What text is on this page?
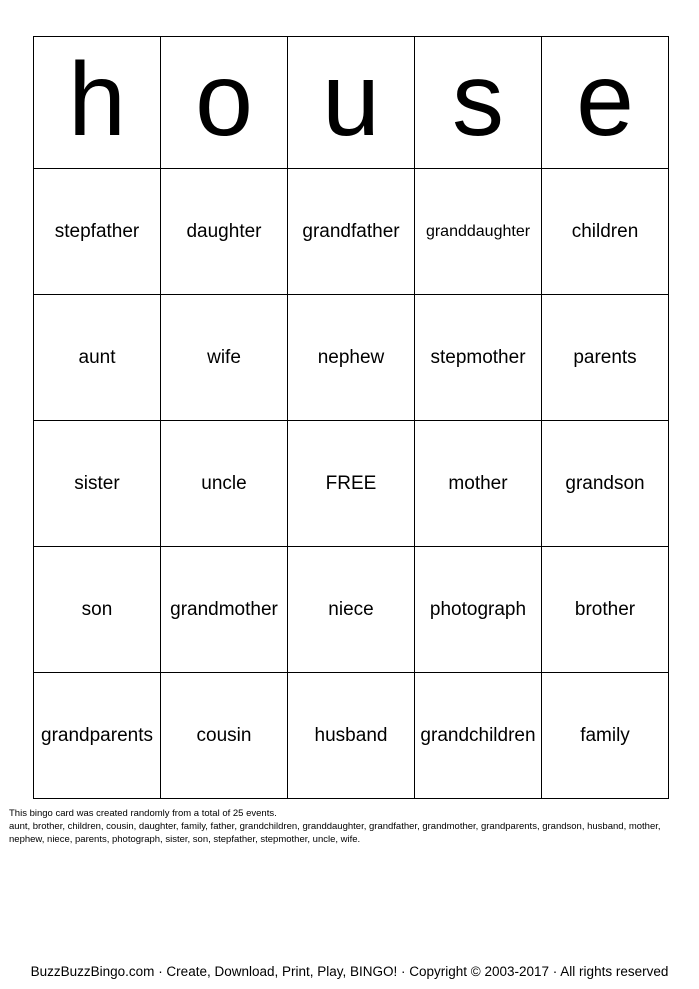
h	o	u	s	e
stepfather	daughter	grandfather	granddaughter	children
aunt	wife	nephew	stepmother	parents
sister	uncle	FREE	mother	grandson
son	grandmother	niece	photograph	brother
grandparents	cousin	husband	grandchildren	family

This bingo card was created randomly from a total of 25 events.

aunt, brother, children, cousin, daughter, family, father, grandchildren, granddaughter, grandfather, grandmother, grandparents, grandson, husband, mother, nephew, niece, parents, photograph, sister, son, stepfather, stepmother, uncle, wife.

BuzzBuzzBingo.com · Create, Download, Print, Play, BINGO! · Copyright © 2003-2017 · All rights reserved
